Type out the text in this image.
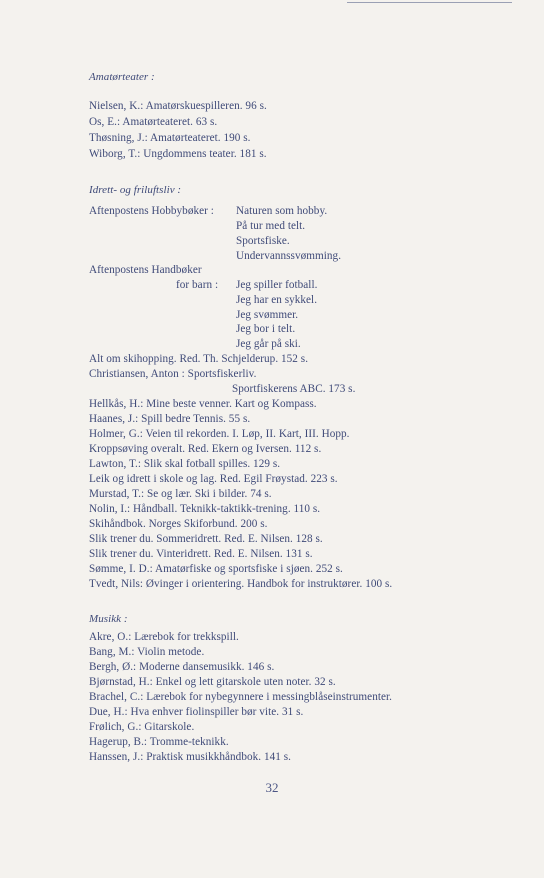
Amatørteater :
Nielsen, K.: Amatørskuespilleren. 96 s.
Os, E.: Amatørteateret. 63 s.
Thøsning, J.: Amatørteateret. 190 s.
Wiborg, T.: Ungdommens teater. 181 s.
Idrett- og friluftsliv :
Aftenpostens Hobbybøker : Naturen som hobby.
På tur med telt.
Sportsfiske.
Undervannssvømming.
Aftenpostens Handbøker
for barn : Jeg spiller fotball.
Jeg har en sykkel.
Jeg svømmer.
Jeg bor i telt.
Jeg går på ski.
Alt om skihopping. Red. Th. Schjelderup. 152 s.
Christiansen, Anton : Sportsfiskerliv.
Sportfiskerens ABC. 173 s.
Hellkås, H.: Mine beste venner. Kart og Kompass.
Haanes, J.: Spill bedre Tennis. 55 s.
Holmer, G.: Veien til rekorden. I. Løp, II. Kart, III. Hopp.
Kroppsøving overalt. Red. Ekern og Iversen. 112 s.
Lawton, T.: Slik skal fotball spilles. 129 s.
Leik og idrett i skole og lag. Red. Egil Frøystad. 223 s.
Murstad, T.: Se og lær. Ski i bilder. 74 s.
Nolin, I.: Håndball. Teknikk-taktikk-trening. 110 s.
Skihåndbok. Norges Skiforbund. 200 s.
Slik trener du. Sommeridrett. Red. E. Nilsen. 128 s.
Slik trener du. Vinteridrett. Red. E. Nilsen. 131 s.
Sømme, I. D.: Amatørfiske og sportsfiske i sjøen. 252 s.
Tvedt, Nils: Øvinger i orientering. Handbok for instruktører. 100 s.
Musikk :
Akre, O.: Lærebok for trekkspill.
Bang, M.: Violin metode.
Bergh, Ø.: Moderne dansemusikk. 146 s.
Bjørnstad, H.: Enkel og lett gitarskole uten noter. 32 s.
Brachel, C.: Lærebok for nybegynnere i messingblåseinstrumenter.
Due, H.: Hva enhver fiolinspiller bør vite. 31 s.
Frølich, G.: Gitarskole.
Hagerup, B.: Tromme-teknikk.
Hanssen, J.: Praktisk musikkhåndbok. 141 s.
32
